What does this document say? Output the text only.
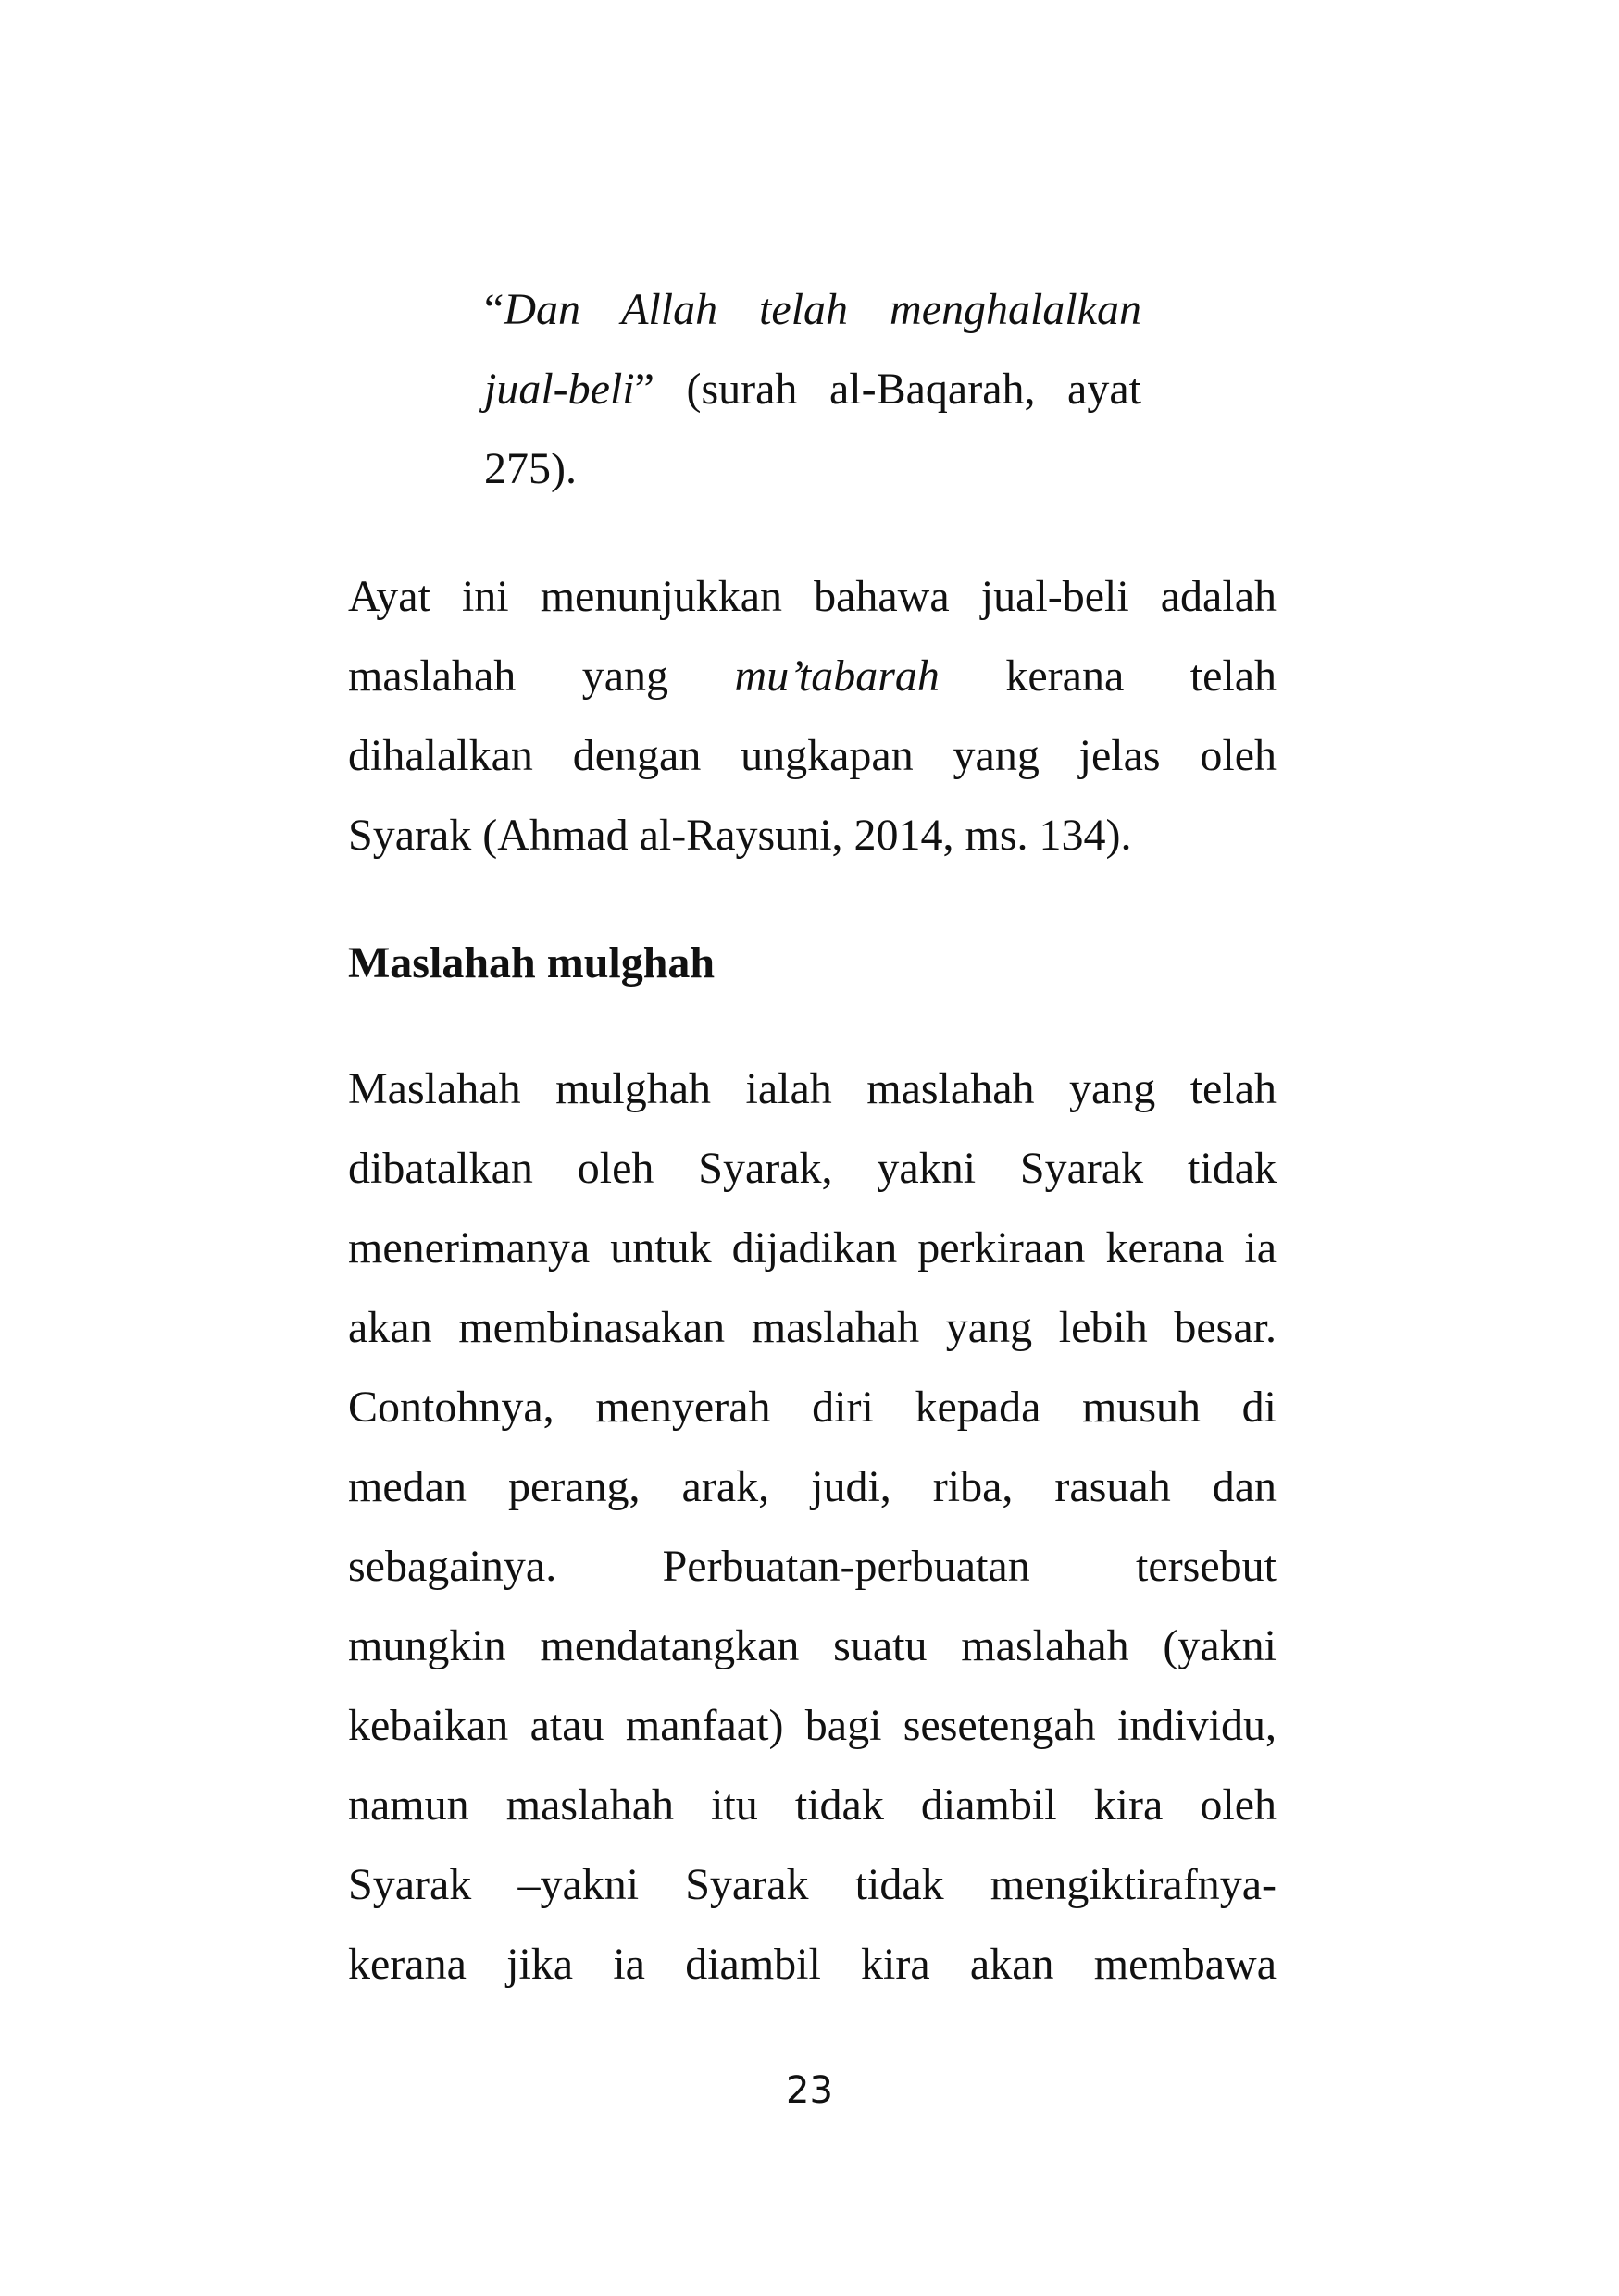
“Dan Allah telah menghalalkan
jual-beli” (surah al-Baqarah, ayat
275).
Ayat ini menunjukkan bahawa jual-beli adalah
maslahah yang mu’tabarah kerana telah
dihalalkan dengan ungkapan yang jelas oleh
Syarak (Ahmad al-Raysuni, 2014, ms. 134).
Maslahah mulghah
Maslahah mulghah ialah maslahah yang telah
dibatalkan oleh Syarak, yakni Syarak tidak
menerimanya untuk dijadikan perkiraan kerana ia
akan membinasakan maslahah yang lebih besar.
Contohnya, menyerah diri kepada musuh di
medan perang, arak, judi, riba, rasuah dan
sebagainya. Perbuatan-perbuatan tersebut
mungkin mendatangkan suatu maslahah (yakni
kebaikan atau manfaat) bagi sesetengah individu,
namun maslahah itu tidak diambil kira oleh
Syarak –yakni Syarak tidak mengiktirafnya-
kerana jika ia diambil kira akan membawa
23
